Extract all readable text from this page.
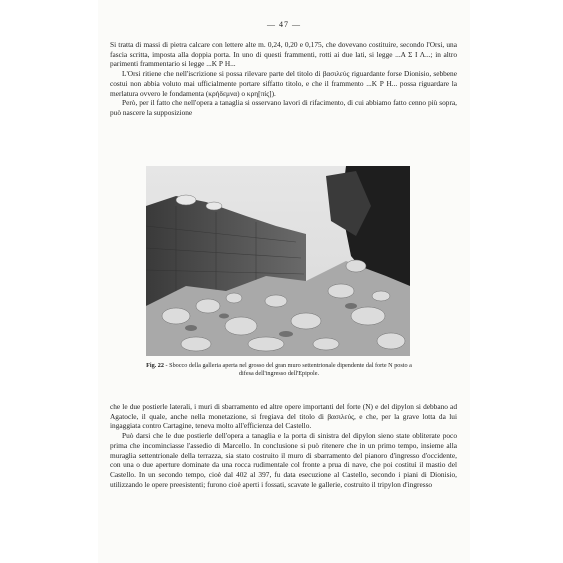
— 47 —

Si tratta di massi di pietra calcare con lettere alte m. 0,24, 0,20 e 0,175, che dovevano costituire, secondo l'Orsi, una fascia scritta, imposta alla doppia porta. In uno di questi frammenti, rotti ai due lati, si legge ...Α Σ Ι Λ...; in altro parimenti frammentario si legge ...Κ Ρ Η...

L'Orsi ritiene che nell'iscrizione si possa rilevare parte del titolo di βασιλεύς riguardante forse Dionisio, sebbene costui non abbia voluto mai ufficialmente portare siffatto titolo, e che il frammento ...Κ Ρ Η... possa riguardare la merlatura ovvero le fondamenta (κρήδεμνα) o κρη[πίς]).

Però, per il fatto che nell'opera a tanaglia si osservano lavori di rifacimento, di cui abbiamo fatto cenno più sopra, può nascere la supposizione

Fig. 22 - Sbocco della galleria aperta nel grosso del gran muro settentrionale dipendente dal forte N posto a difesa dell'ingresso dell'Epipole.

che le due postierle laterali, i muri di sbarramento ed altre opere importanti del forte (N) e del dipylon si debbano ad Agatocle, il quale, anche nella monetazione, si fregiava del titolo di βασιλεύς, e che, per la grave lotta da lui ingaggiata contro Cartagine, teneva molto all'efficienza del Castello.

Può darsi che le due postierle dell'opera a tanaglia e la porta di sinistra del dipylon sieno state obliterate poco prima che incominciasse l'assedio di Marcello. In conclusione si può ritenere che in un primo tempo, insieme alla muraglia settentrionale della terrazza, sia stato costruito il muro di sbarramento del pianoro d'ingresso d'occidente, con una o due aperture dominate da una rocca rudimentale col fronte a prua di nave, che poi costituì il mastio del Castello. In un secondo tempo, cioè dal 402 al 397, fu data esecuzione al Castello, secondo i piani di Dionisio, utilizzando le opere preesistenti; furono cioè aperti i fossati, scavate le gallerie, costruito il tripylon d'ingresso
